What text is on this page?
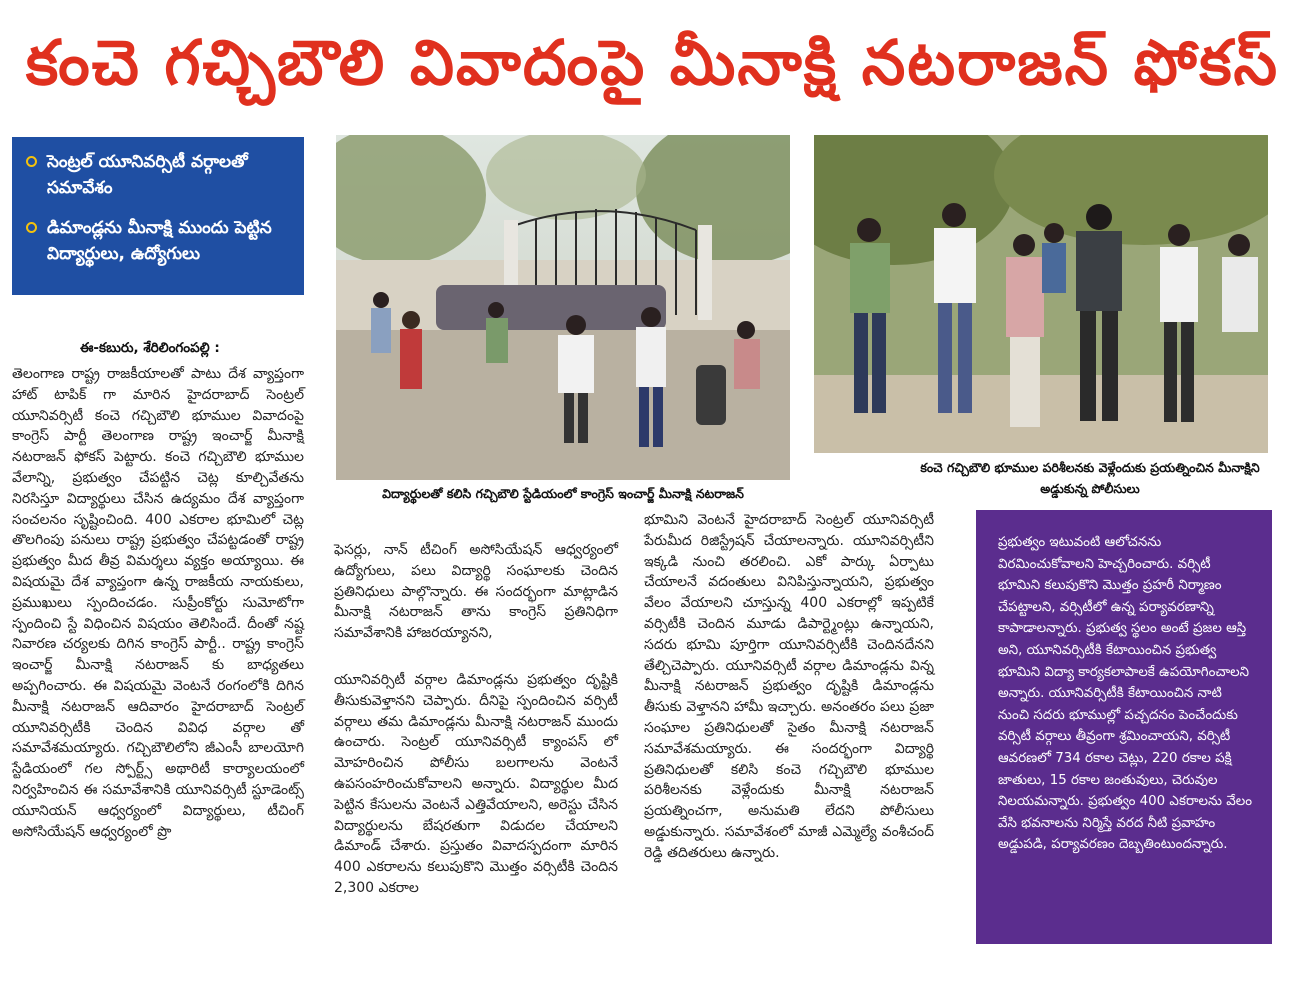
కంచె గచ్చిబౌలి వివాదంపై మీనాక్షి నటరాజన్ ఫోకస్
సెంట్రల్ యూనివర్సిటీ వర్గాలతో సమావేశం
డిమాండ్లను మీనాక్షి ముందు పెట్టిన విద్యార్థులు, ఉద్యోగులు
విద్యార్థులతో కలిసి గచ్చిబౌలి స్టేడియంలో కాంగ్రెస్ ఇంచార్జ్ మీనాక్షి నటరాజన్
కంచె గచ్చిబౌలి భూముల పరిశీలనకు వెళ్లేందుకు ప్రయత్నించిన మీనాక్షిని అడ్డుకున్న పోలీసులు
ఈ-కబురు, శేరిలింగంపల్లి :

తెలంగాణ రాష్ట్ర రాజకీయాలతో పాటు దేశ వ్యాప్తంగా హాట్ టాపిక్ గా మారిన హైదరాబాద్ సెంట్రల్ యూనివర్సిటీ కంచె గచ్చిబౌలి భూముల వివాదంపై కాంగ్రెస్ పార్టీ తెలంగాణ రాష్ట్ర ఇంచార్జ్ మీనాక్షి నటరాజన్ ఫోకస్ పెట్టారు. కంచె గచ్చిబౌలి భూముల వేలాన్ని, ప్రభుత్వం చేపట్టిన చెట్ల కూల్చివేతను నిరసిస్తూ విద్యార్థులు చేసిన ఉద్యమం దేశ వ్యాప్తంగా సంచలనం సృష్టించింది. 400 ఎకరాల భూమిలో చెట్ల తొలగింపు పనులు రాష్ట్ర ప్రభుత్వం చేపట్టడంతో రాష్ట్ర ప్రభుత్వం మీద తీవ్ర విమర్శలు వ్యక్తం అయ్యాయి. ఈ విషయమై దేశ వ్యాప్తంగా ఉన్న రాజకీయ నాయకులు, ప్రముఖులు స్పందించడం. సుప్రీంకోర్టు సుమోటోగా స్పందించి స్టే విధించిన విషయం తెలిసిందే. దీంతో నష్ట నివారణ చర్యలకు దిగిన కాంగ్రెస్ పార్టీ.. రాష్ట్ర కాంగ్రెస్ ఇంచార్జ్ మీనాక్షి నటరాజన్ కు బాధ్యతలు అప్పగించారు. ఈ విషయమై వెంటనే రంగంలోకి దిగిన మీనాక్షి నటరాజన్ ఆదివారం హైదరాబాద్ సెంట్రల్ యూనివర్సిటీకి చెందిన వివిధ వర్గాల తో సమావేశమయ్యారు. గచ్చిబౌలిలోని జీఎంసీ బాలయోగి స్టేడియంలో గల స్పోర్ట్స్ అథారిటీ కార్యాలయంలో నిర్వహించిన ఈ సమావేశానికి యూనివర్సిటీ స్టూడెంట్స్ యూనియన్ ఆధ్వర్యంలో విద్యార్థులు, టీచింగ్ అసోసియేషన్ ఆధ్వర్యంలో ప్రొ

ఫెసర్లు, నాన్ టీచింగ్ అసోసియేషన్ ఆధ్వర్యంలో ఉద్యోగులు, పలు విద్యార్థి సంఘాలకు చెందిన ప్రతినిధులు పాల్గొన్నారు. ఈ సందర్భంగా మాట్లాడిన మీనాక్షి నటరాజన్ తాను కాంగ్రెస్ ప్రతినిధిగా సమావేశానికి హాజరయ్యానని,

యూనివర్సిటీ వర్గాల డిమాండ్లను ప్రభుత్వం దృష్టికి తీసుకువెళ్తానని చెప్పారు. దీనిపై స్పందించిన వర్సిటీ వర్గాలు తమ డిమాండ్లను మీనాక్షి నటరాజన్ ముందు ఉంచారు. సెంట్రల్ యూనివర్సిటీ క్యాంపస్ లో మోహరించిన పోలీసు బలగాలను వెంటనే ఉపసంహరించుకోవాలని అన్నారు. విద్యార్థుల మీద పెట్టిన కేసులను వెంటనే ఎత్తివేయాలని, అరెస్టు చేసిన విద్యార్థులను బేషరతుగా విడుదల చేయాలని డిమాండ్ చేశారు. ప్రస్తుతం వివాదస్పదంగా మారిన 400 ఎకరాలను కలుపుకొని మొత్తం వర్సిటీకి చెందిన 2,300 ఎకరాల

భూమిని వెంటనే హైదరాబాద్ సెంట్రల్ యూనివర్సిటీ పేరుమీద రిజిస్ట్రేషన్ చేయాలన్నారు. యూనివర్సిటీని ఇక్కడి నుంచి తరలించి. ఎకో పార్కు ఏర్పాటు చేయాలనే వదంతులు వినిపిస్తున్నాయని, ప్రభుత్వం వేలం వేయాలని చూస్తున్న 400 ఎకరాల్లో ఇప్పటికే వర్సిటీకి చెందిన మూడు డిపార్ట్మెంట్లు ఉన్నాయని, సదరు భూమి పూర్తిగా యూనివర్సిటీకి చెందినదేనని తేల్చిచెప్పారు. యూనివర్సిటీ వర్గాల డిమాండ్లను విన్న మీనాక్షి నటరాజన్ ప్రభుత్వం దృష్టికి డిమాండ్లను తీసుకు వెళ్తానని హామీ ఇచ్చారు. అనంతరం పలు ప్రజా సంఘాల ప్రతినిధులతో సైతం మీనాక్షి నటరాజన్ సమావేశమయ్యారు. ఈ సందర్భంగా విద్యార్థి ప్రతినిధులతో కలిసి కంచె గచ్చిబౌలి భూముల పరిశీలనకు వెళ్లేందుకు మీనాక్షి నటరాజన్ ప్రయత్నించగా, అనుమతి లేదని పోలీసులు అడ్డుకున్నారు. సమావేశంలో మాజీ ఎమ్మెల్యే వంశీచంద్ రెడ్డి తదితరులు ఉన్నారు.

ప్రభుత్వం ఇటువంటి ఆలోచనను విరమించుకోవాలని హెచ్చరించారు. వర్సిటీ భూమిని కలుపుకొని మొత్తం ప్రహరీ నిర్మాణం చేపట్టాలని, వర్సిటీలో ఉన్న పర్యావరణాన్ని కాపాడాలన్నారు. ప్రభుత్వ స్థలం అంటే ప్రజల ఆస్తి అని, యూనివర్సిటీకి కేటాయించిన ప్రభుత్వ భూమిని విద్యా కార్యకలాపాలకే ఉపయోగించాలని అన్నారు. యూనివర్సిటీకి కేటాయించిన నాటి నుంచి సదరు భూముల్లో పచ్చదనం పెంచేందుకు వర్సిటీ వర్గాలు తీవ్రంగా శ్రమించాయని, వర్సిటీ ఆవరణలో 734 రకాల చెట్లు, 220 రకాల పక్షి జాతులు, 15 రకాల జంతువులు, చెరువుల నిలయమన్నారు. ప్రభుత్వం 400 ఎకరాలను వేలం వేసి భవనాలను నిర్మిస్తే వరద నీటి ప్రవాహం అడ్డుపడి, పర్యావరణం దెబ్బతింటుందన్నారు.
